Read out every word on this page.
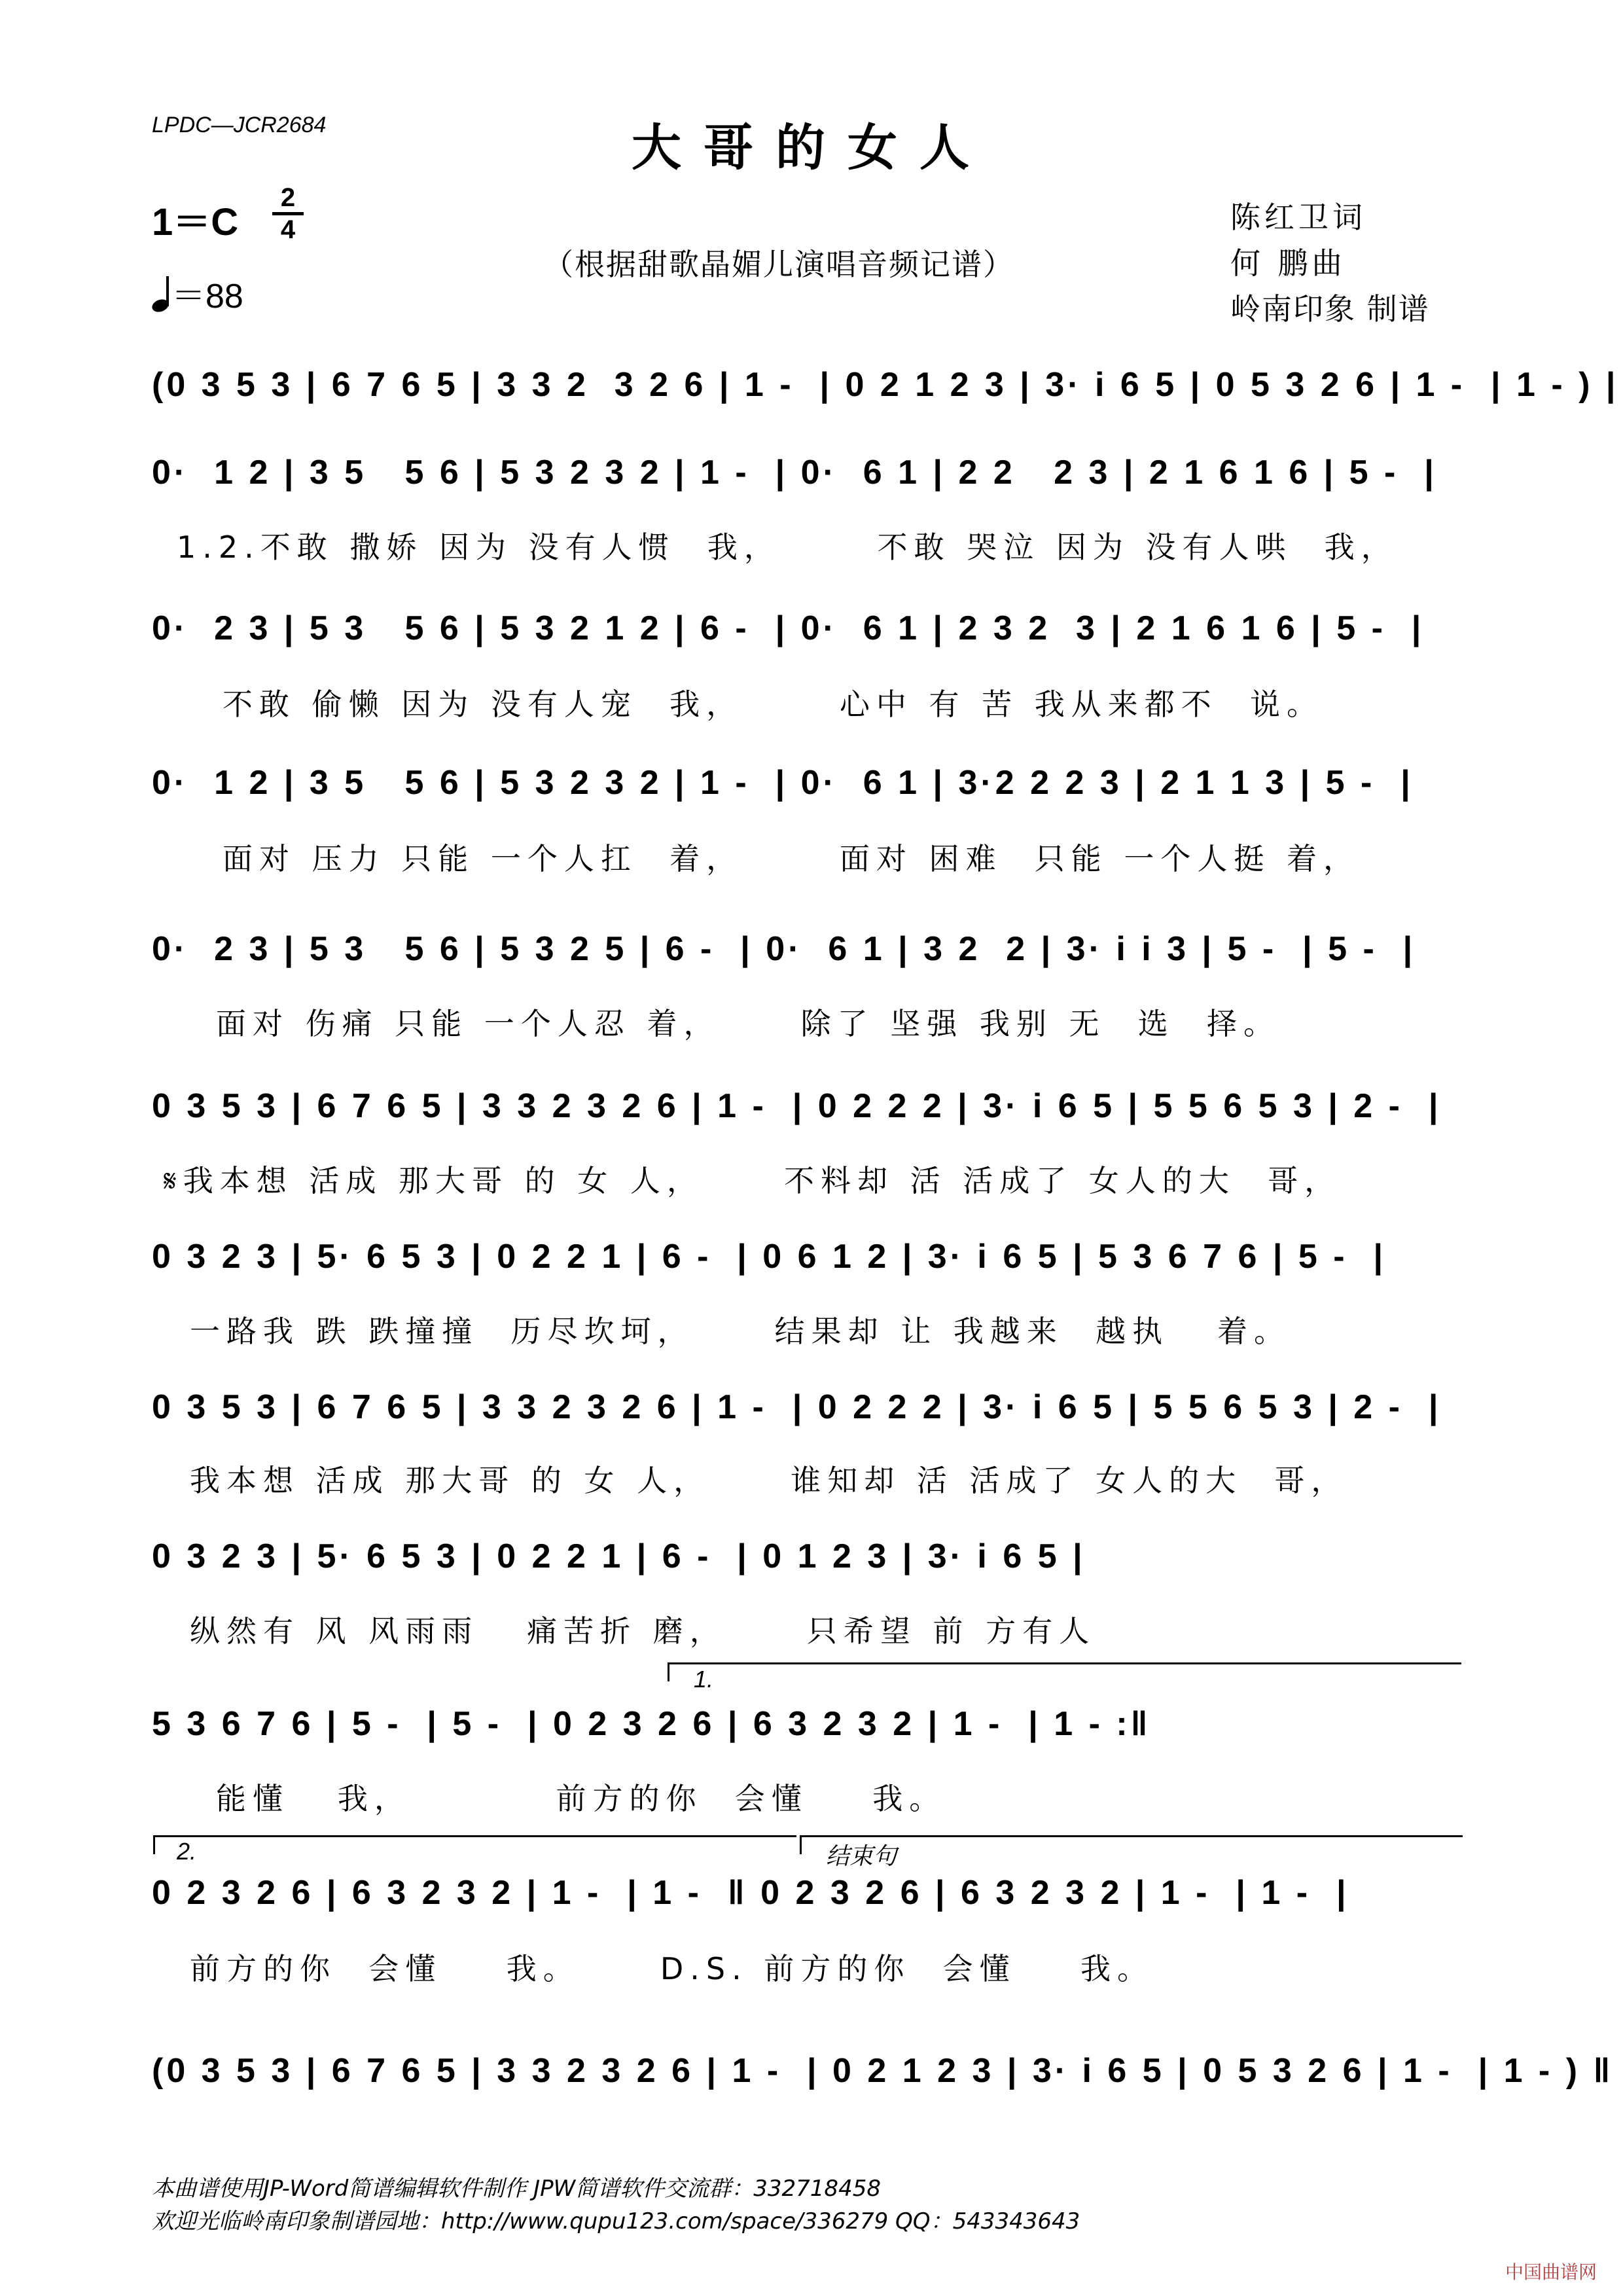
LPDC—JCR2684	大哥的女人
1＝C
2
4
＝88
（根据甜歌晶媚儿演唱音频记谱）
陈红卫词
何 鹏曲
岭南印象 制谱
(0 3 5 3 | 6 7 6 5 | 3 3 2  3 2 6 | 1 -  | 0 2 1 2 3 | 3· i 6 5 | 0 5 3 2 6 | 1 -  | 1 - ) |
0·  1 2 | 3 5   5 6 | 5 3 2 3 2 | 1 -  | 0·  6 1 | 2 2   2 3 | 2 1 6 1 6 | 5 -  |
1.2.不敢 撒娇 因为 没有人惯  我，      不敢 哭泣 因为 没有人哄  我，
0·  2 3 | 5 3   5 6 | 5 3 2 1 2 | 6 -  | 0·  6 1 | 2 3 2  3 | 2 1 6 1 6 | 5 -  |
不敢 偷懒 因为 没有人宠  我，      心中 有 苦 我从来都不  说。
0·  1 2 | 3 5   5 6 | 5 3 2 3 2 | 1 -  | 0·  6 1 | 3·2 2 2 3 | 2 1 1 3 | 5 -  |
面对 压力 只能 一个人扛  着，      面对 困难  只能 一个人挺 着，
0·  2 3 | 5 3   5 6 | 5 3 2 5 | 6 -  | 0·  6 1 | 3 2  2 | 3· i i 3 | 5 -  | 5 -  |
面对 伤痛 只能 一个人忍 着，     除了 坚强 我别 无  选  择。
0 3 5 3 | 6 7 6 5 | 3 3 2 3 2 6 | 1 -  | 0 2 2 2 | 3· i 6 5 | 5 5 6 5 3 | 2 -  |
𝄋我本想 活成 那大哥 的 女 人，     不料却 活 活成了 女人的大  哥，
0 3 2 3 | 5· 6 5 3 | 0 2 2 1 | 6 -  | 0 6 1 2 | 3· i 6 5 | 5 3 6 7 6 | 5 -  |
一路我 跌 跌撞撞  历尽坎坷，     结果却 让 我越来  越执   着。
0 3 5 3 | 6 7 6 5 | 3 3 2 3 2 6 | 1 -  | 0 2 2 2 | 3· i 6 5 | 5 5 6 5 3 | 2 -  |
我本想 活成 那大哥 的 女 人，     谁知却 活 活成了 女人的大  哥，
0 3 2 3 | 5· 6 5 3 | 0 2 2 1 | 6 -  | 0 1 2 3 | 3· i 6 5 |
纵然有 风 风雨雨   痛苦折 磨，     只希望 前 方有人
1.
5 3 6 7 6 | 5 -  | 5 -  | 0 2 3 2 6 | 6 3 2 3 2 | 1 -  | 1 - :‖
能懂   我，         前方的你  会懂    我。
2.	结束句
0 2 3 2 6 | 6 3 2 3 2 | 1 -  | 1 -  ‖ 0 2 3 2 6 | 6 3 2 3 2 | 1 -  | 1 -  |
前方的你  会懂    我。     D.S. 前方的你  会懂    我。
(0 3 5 3 | 6 7 6 5 | 3 3 2 3 2 6 | 1 -  | 0 2 1 2 3 | 3· i 6 5 | 0 5 3 2 6 | 1 -  | 1 - ) ‖
本曲谱使用JP-Word简谱编辑软件制作 JPW简谱软件交流群：332718458
欢迎光临岭南印象制谱园地：http://www.qupu123.com/space/336279 QQ：543343643
中国曲谱网
